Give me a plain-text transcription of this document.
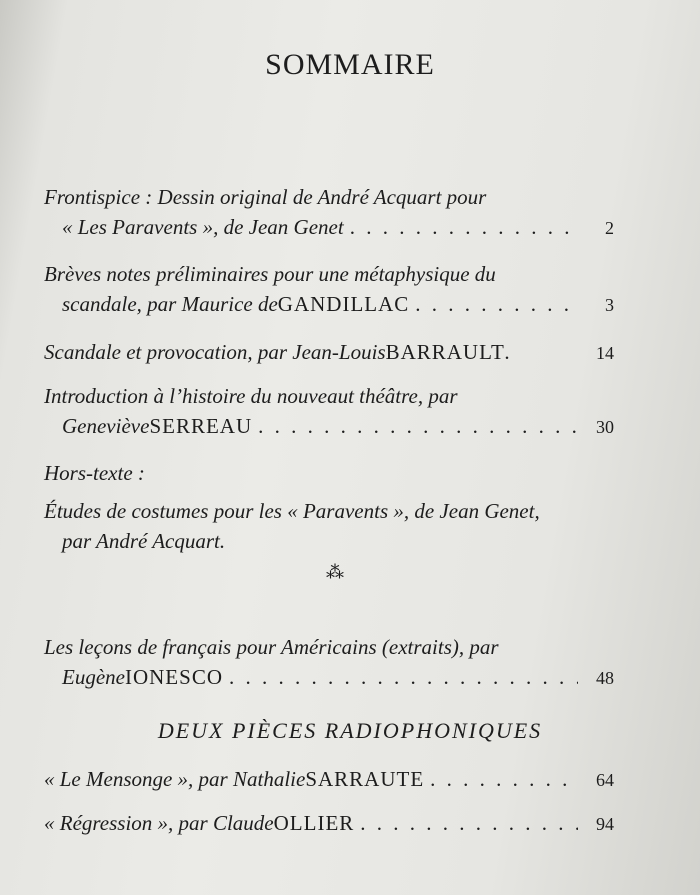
SOMMAIRE
Frontispice : Dessin original de André Acquart pour
« Les Paravents », de Jean Genet . . .	2
Brèves notes préliminaires pour une métaphysique du
scandale, par Maurice de GANDILLAC . . .	3
Scandale et provocation, par Jean-Louis BARRAULT .	14
Introduction à l’histoire du nouveaut théâtre, par
Geneviève SERREAU . . .	30
Hors-texte :
Études de costumes pour les « Paravents », de Jean Genet,
par André Acquart.
⁂
Les leçons de français pour Américains (extraits), par
Eugène IONESCO . . .	48
DEUX PIÈCES RADIOPHONIQUES
« Le Mensonge », par Nathalie SARRAUTE . . .	64
« Régression », par Claude OLLIER . . .	94
